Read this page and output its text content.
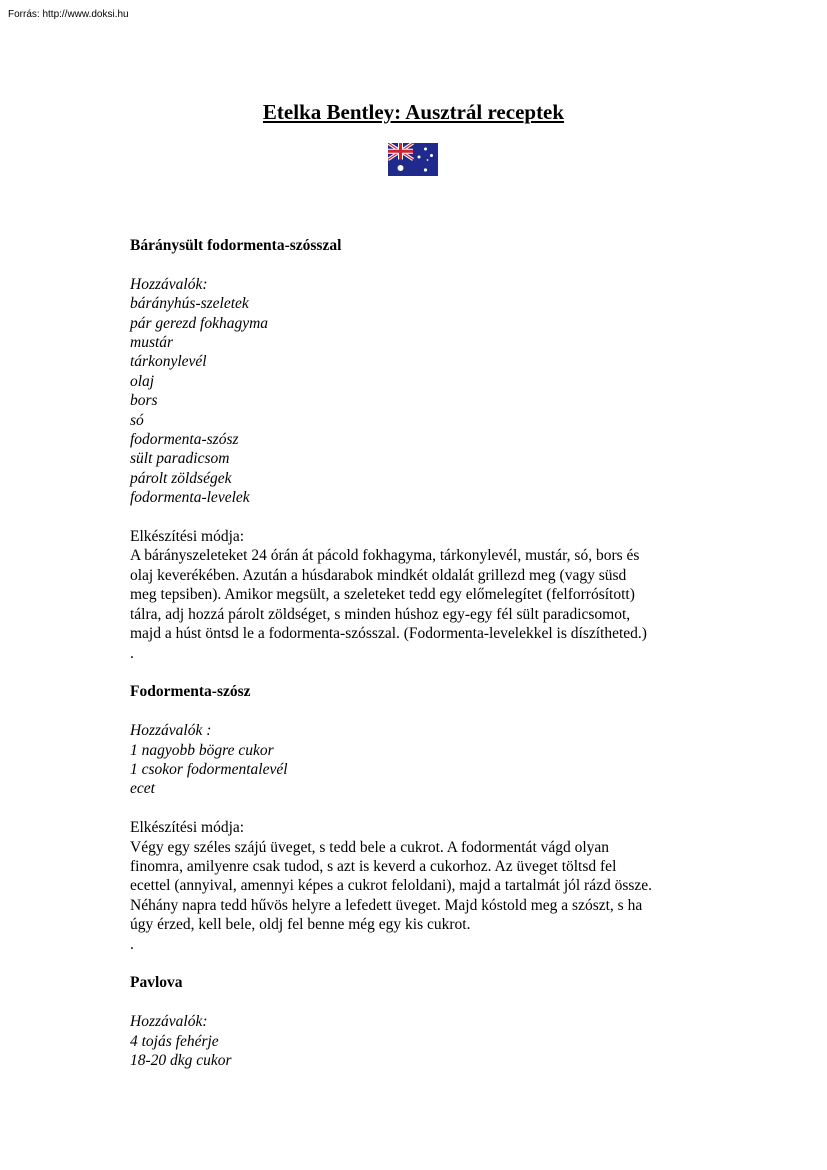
Forrás: http://www.doksi.hu
Etelka Bentley: Ausztrál receptek
Báránysült fodormenta-szósszal
Hozzávalók:
bárányhús-szeletek
pár gerezd fokhagyma
mustár
tárkonylevél
olaj
bors
só
fodormenta-szósz
sült paradicsom
párolt zöldségek
fodormenta-levelek
Elkészítési módja:
A bárányszeleteket 24 órán át pácold fokhagyma, tárkonylevél, mustár, só, bors és
olaj keverékében. Azután a húsdarabok mindkét oldalát grillezd meg (vagy süsd
meg tepsiben). Amikor megsült, a szeleteket tedd egy előmelegítet (felforrósított)
tálra, adj hozzá párolt zöldséget, s minden húshoz egy-egy fél sült paradicsomot,
majd a húst öntsd le a fodormenta-szósszal. (Fodormenta-levelekkel is díszítheted.)
.
Fodormenta-szósz
Hozzávalók :
1 nagyobb bögre cukor
1 csokor fodormentalevél
ecet
Elkészítési módja:
Végy egy széles szájú üveget, s tedd bele a cukrot. A fodormentát vágd olyan
finomra, amilyenre csak tudod, s azt is keverd a cukorhoz. Az üveget töltsd fel
ecettel (annyival, amennyi képes a cukrot feloldani), majd a tartalmát jól rázd össze.
Néhány napra tedd hűvös helyre a lefedett üveget. Majd kóstold meg a szószt, s ha
úgy érzed, kell bele, oldj fel benne még egy kis cukrot.
.
Pavlova
Hozzávalók:
4 tojás fehérje
18-20 dkg cukor
